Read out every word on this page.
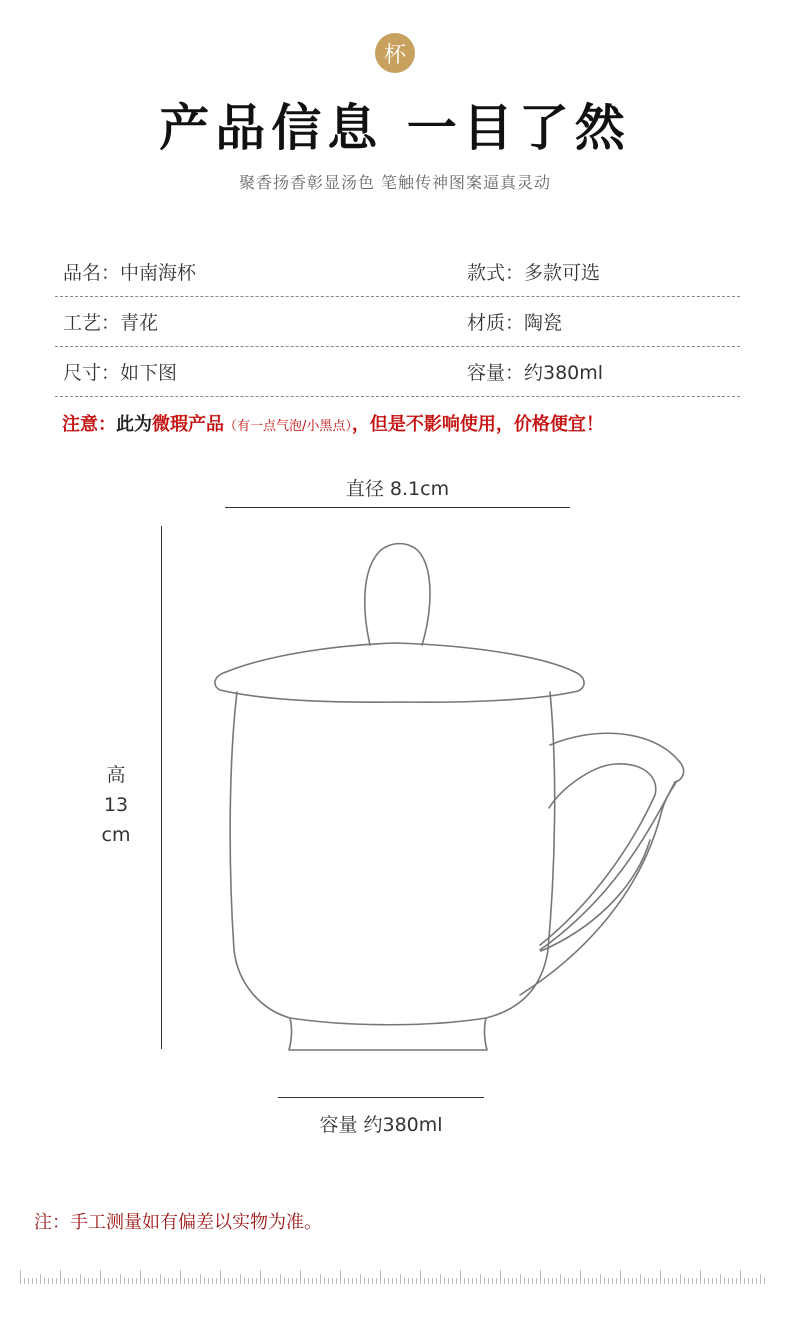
杯
产品信息 一目了然
聚香扬香彰显汤色 笔触传神图案逼真灵动
品名：中南海杯	款式：多款可选
工艺：青花	材质：陶瓷
尺寸：如下图	容量：约380ml
注意：此为微瑕产品（有一点气泡/小黑点），但是不影响使用，价格便宜！
直径 8.1cm
高
13
cm
容量 约380ml
注：手工测量如有偏差以实物为准。
